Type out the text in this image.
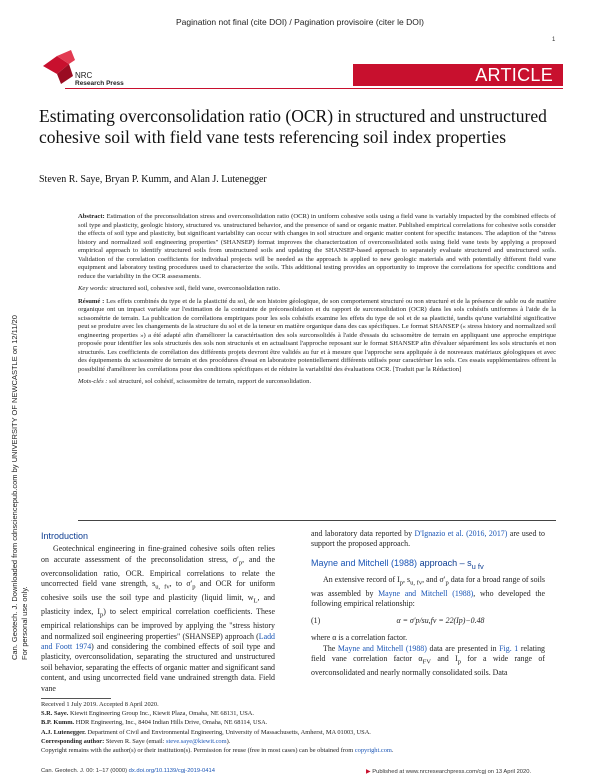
Pagination not final (cite DOI) / Pagination provisoire (citer le DOI)
1
NRC
Research Press	ARTICLE
Can. Geotech. J. Downloaded from cdnsciencepub.com by UNIVERSITY OF NEWCASTLE on 12/11/20 For personal use only.
Estimating overconsolidation ratio (OCR) in structured and unstructured cohesive soil with field vane tests referencing soil index properties
Steven R. Saye, Bryan P. Kumm, and Alan J. Lutenegger

Abstract: Estimation of the preconsolidation stress and overconsolidation ratio (OCR) in uniform cohesive soils using a field vane is variably impacted by the combined effects of soil type and plasticity, geologic history, structured vs. unstructured behavior, and the presence of sand or organic matter. Published empirical correlations for cohesive soils consider the effects of soil type and plasticity, but significant variability can occur with changes in soil structure and organic matter content for specific instances. The adaption of the "stress history and normalized soil engineering properties" (SHANSEP) format improves the characterization of overconsolidated soils using field vane tests by applying a proposed empirical approach to identify structured soils from unstructured soils and updating the SHANSEP-based approach to separately evaluate structured and unstructured soils. Validation of the correlation coefficients for individual projects will be needed as the approach is applied to new geologic materials and with potentially different field vane equipment and laboratory testing procedures used to characterize the soils. This additional testing provides an opportunity to improve the correlations for specific conditions and reduce the variability in the OCR assessments.

Key words: structured soil, cohesive soil, field vane, overconsolidation ratio.

Résumé : Les effets combinés du type et de la plasticité du sol, de son histoire géologique, de son comportement structuré ou non structuré et de la présence de sable ou de matière organique ont un impact variable sur l'estimation de la contrainte de préconsolidation et du rapport de surconsolidation (OCR) dans les sols cohésifs uniformes à l'aide de la scissométrie de terrain. La publication de corrélations empiriques pour les sols cohésifs examine les effets du type de sol et de sa plasticité, tandis qu'une variabilité significative peut se produire avec les changements de la structure du sol et de la teneur en matière organique dans des cas spécifiques. Le format SHANSEP (« stress history and normalized soil engineering properties ») a été adapté afin d'améliorer la caractérisation des sols surconsolidés à l'aide d'essais du scissomètre de terrain en appliquant une approche empirique proposée pour identifier les sols structurés des sols non structurés et en actualisant l'approche reposant sur le format SHANSEP afin d'évaluer séparément les sols structurés et non structurés. Les coefficients de corrélation des différents projets devront être validés au fur et à mesure que l'approche sera appliquée à de nouveaux matériaux géologiques et avec des équipements du scissomètre de terrain et des procédures d'essai en laboratoire potentiellement différents utilisés pour caractériser les sols. Ces essais supplémentaires offrent la possibilité d'améliorer les corrélations pour des conditions spécifiques et de réduire la variabilité des évaluations OCR. [Traduit par la Rédaction]

Mots-clés : sol structuré, sol cohésif, scissomètre de terrain, rapport de surconsolidation.

Introduction

Geotechnical engineering in fine-grained cohesive soils often relies on accurate assessment of the preconsolidation stress, $\sigma'_p$, and the overconsolidation ratio, OCR. Empirical correlations to relate the uncorrected field vane strength, $s_{u, fv}$, to $\sigma'_p$ and OCR for uniform cohesive soils use the soil type and plasticity (liquid limit, $w_L$, and plasticity index, $I_p$) to select empirical correlation coefficients. These empirical relationships can be improved by applying the "stress history and normalized soil engineering properties" (SHANSEP) approach (Ladd and Foott 1974) and considering the combined effects of soil type and plasticity, overconsolidation, separating the structured and unstructured soil behavior, separating the effects of organic matter and significant sand content, and using uncorrected field vane undrained strength data. Field vane

and laboratory data reported by D'Ignazio et al. (2016, 2017) are used to support the proposed approach.

Mayne and Mitchell (1988) approach – $s_{u fv}$

An extensive record of $I_p$, $s_{u, fv}$, and $\sigma'_p$ data for a broad range of soils was assembled by Mayne and Mitchell (1988), who developed the following empirical relationship:

(1)	α = σ′p/su,fv = 22(Ip)−0.48

where α is a correlation factor.

The Mayne and Mitchell (1988) data are presented in Fig. 1 relating field vane correlation factor $\alpha_{FV}$ and $I_p$ for a wide range of overconsolidated and nearly normally consolidated soils. Data

Received 1 July 2019. Accepted 8 April 2020.
S.R. Saye. Kiewit Engineering Group Inc., Kiewit Plaza, Omaha, NE 68131, USA.
B.P. Kumm. HDR Engineering, Inc., 8404 Indian Hills Drive, Omaha, NE 68114, USA.
A.J. Lutenegger. Department of Civil and Environmental Engineering, University of Massachusetts, Amherst, MA 01003, USA.
Corresponding author: Steven R. Saye (email: steve.saye@kiewit.com).
Copyright remains with the author(s) or their institution(s). Permission for reuse (free in most cases) can be obtained from copyright.com.
Can. Geotech. J. 00: 1–17 (0000) dx.doi.org/10.1139/cgj-2019-0414	▶ Published at www.nrcresearchpress.com/cgj on 13 April 2020.
